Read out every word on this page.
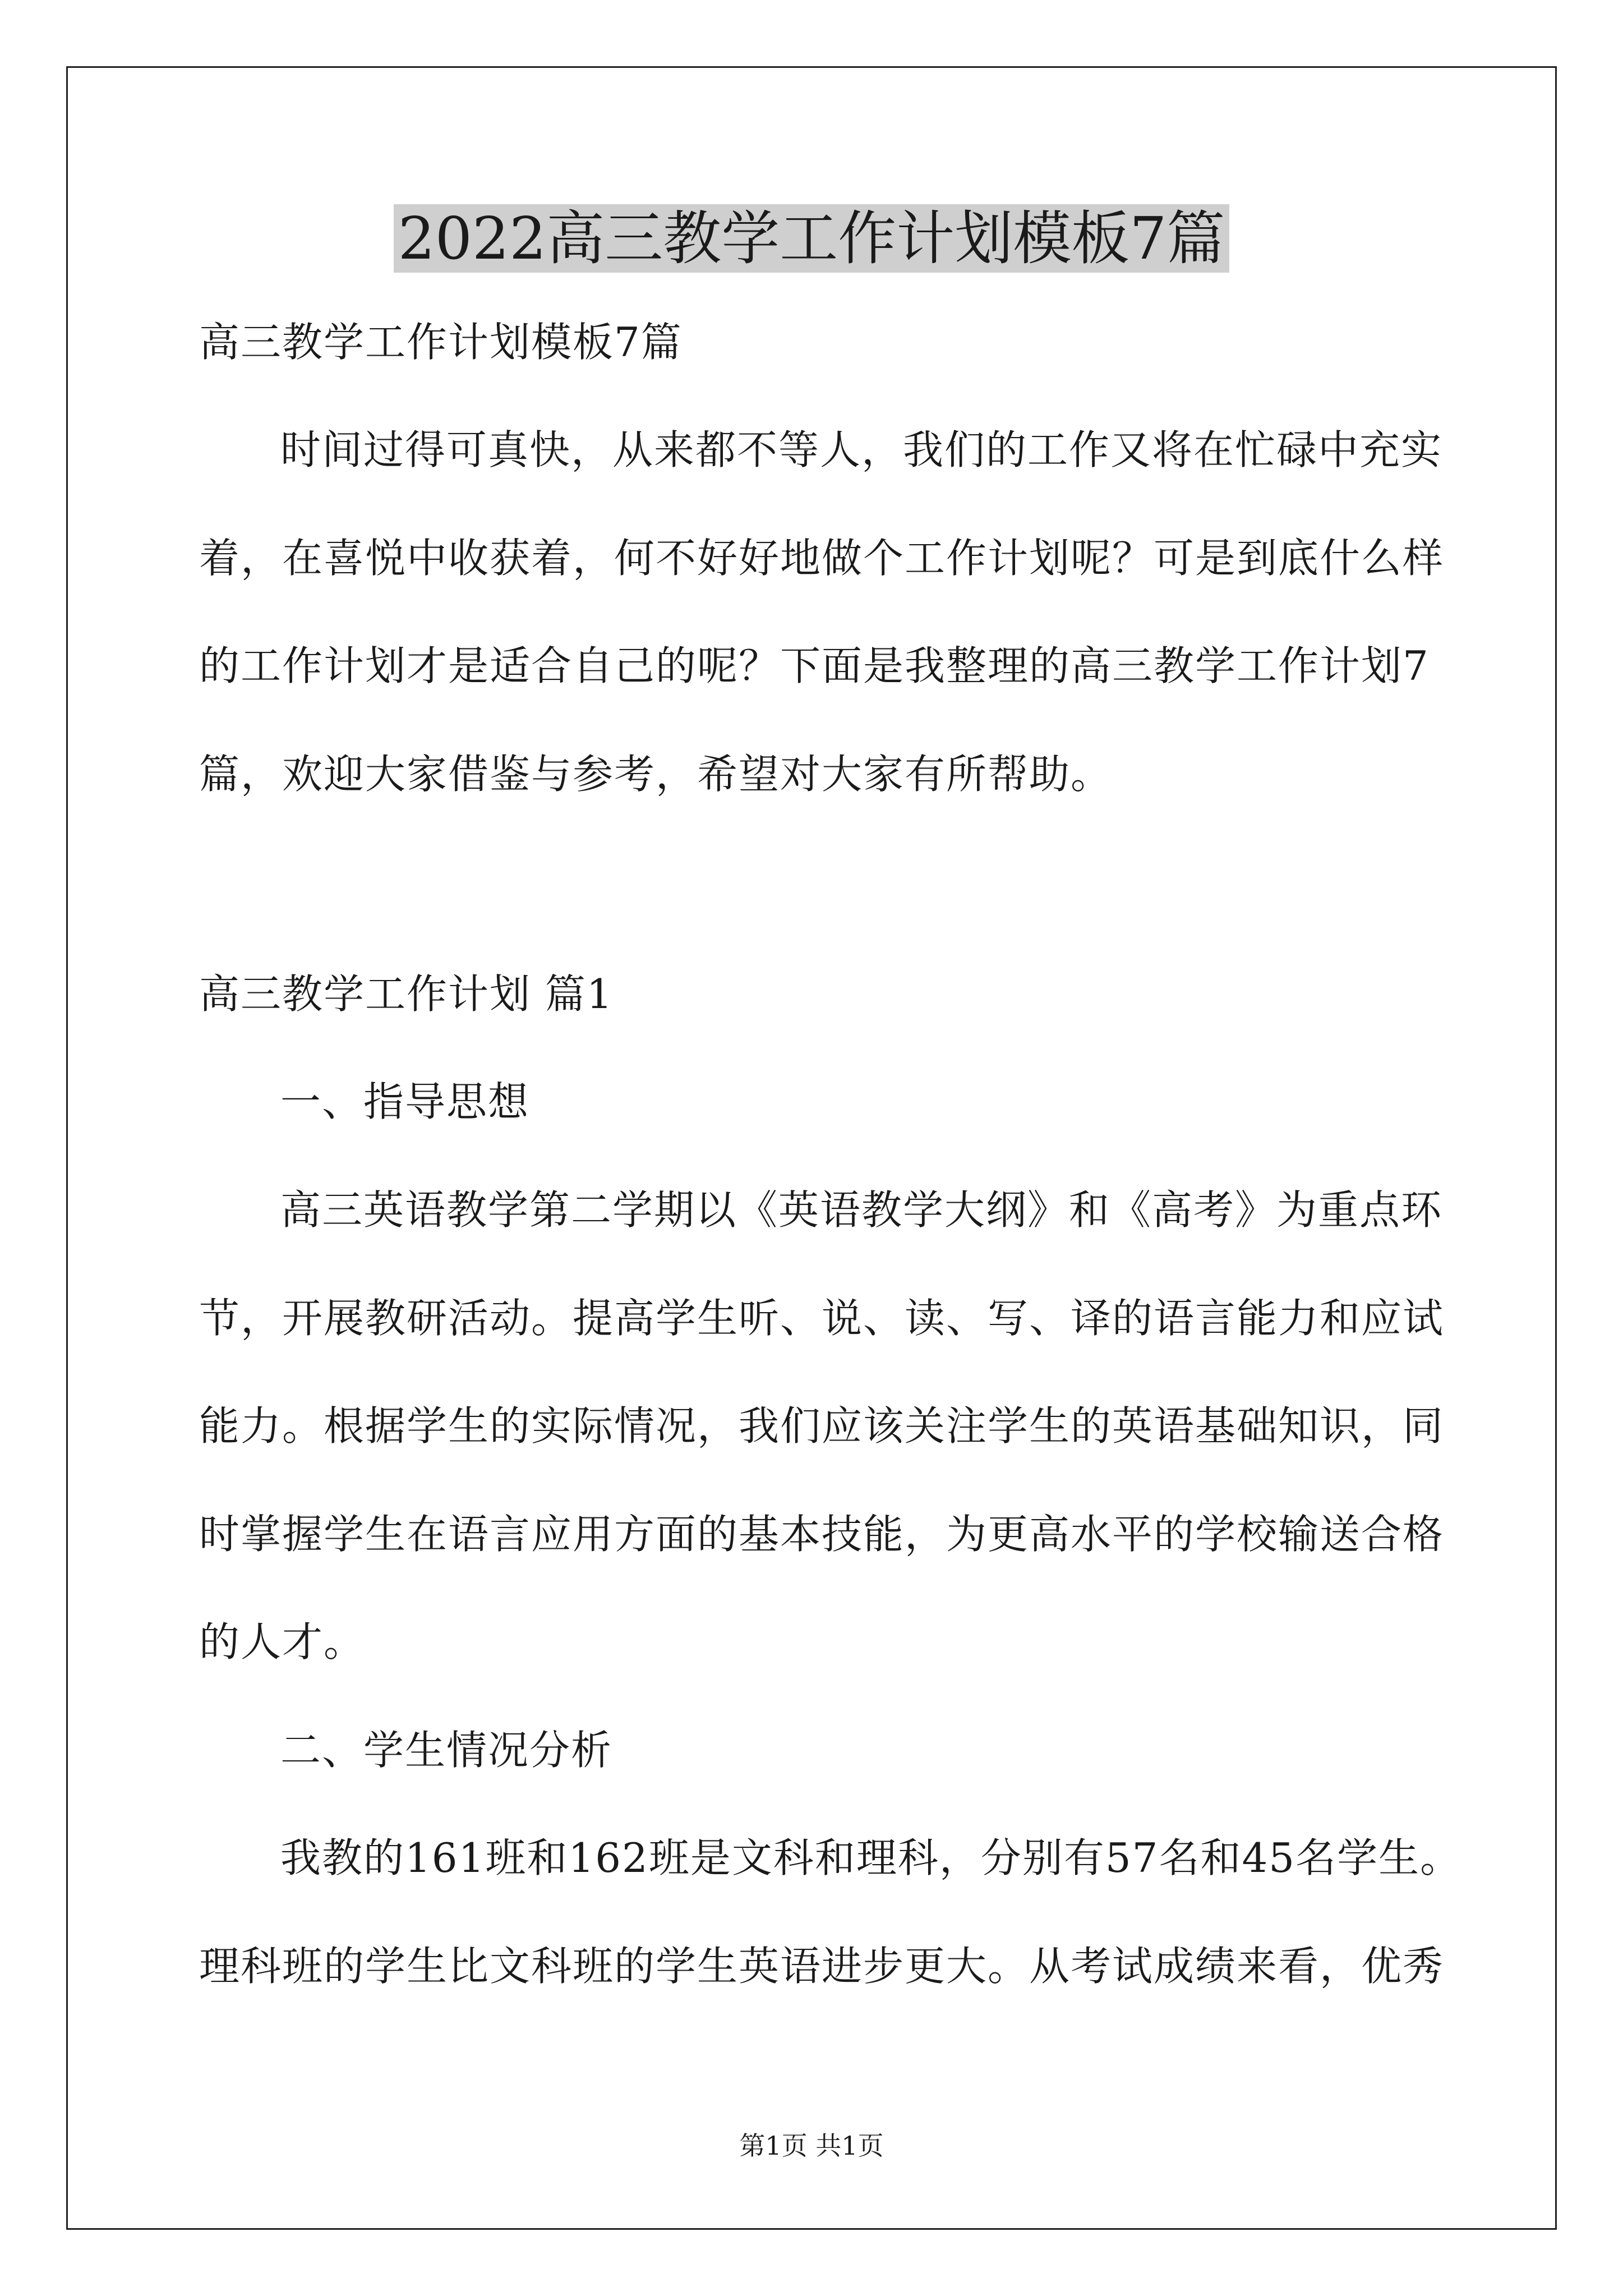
2022高三教学工作计划模板7篇
高三教学工作计划模板7篇
时间过得可真快，从来都不等人，我们的工作又将在忙碌中充实
着，在喜悦中收获着，何不好好地做个工作计划呢？可是到底什么样
的工作计划才是适合自己的呢？下面是我整理的高三教学工作计划7
篇，欢迎大家借鉴与参考，希望对大家有所帮助。
高三教学工作计划 篇1
一、指导思想
高三英语教学第二学期以《英语教学大纲》和《高考》为重点环
节，开展教研活动。提高学生听、说、读、写、译的语言能力和应试
能力。根据学生的实际情况，我们应该关注学生的英语基础知识，同
时掌握学生在语言应用方面的基本技能，为更高水平的学校输送合格
的人才。
二、学生情况分析
我教的161班和162班是文科和理科，分别有57名和45名学生。
理科班的学生比文科班的学生英语进步更大。从考试成绩来看，优秀
第1页 共1页
